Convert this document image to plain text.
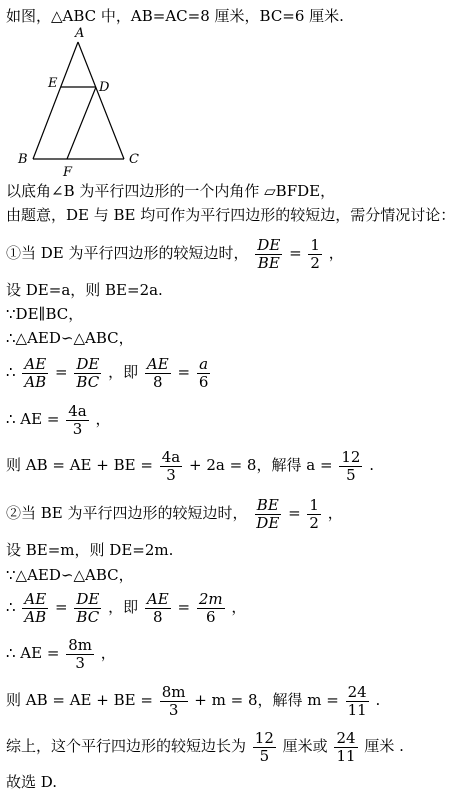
如图，△ABC 中，AB=AC=8 厘米，BC=6 厘米.
A
E	D
B
F
C
以底角∠B 为平行四边形的一个内角作 ▱BFDE，
由题意，DE 与 BE 均可作为平行四边形的较短边，需分情况讨论：
①当 DE 为平行四边形的较短边时， $\frac{DE}{BE} = \frac{1}{2}$ ，
设 DE=a，则 BE=2a.
∵DE∥BC，
∴△AED∽△ABC，
∴ $\frac{AE}{AB} = \frac{DE}{BC}$ ，即 $\frac{AE}{8} = \frac{a}{6}$
∴ AE = $\frac{4a}{3}$ ，
则 AB = AE + BE = $\frac{4a}{3} + 2a = 8$，解得 $a = \frac{12}{5}$ .
②当 BE 为平行四边形的较短边时， $\frac{BE}{DE} = \frac{1}{2}$ ，
设 BE=m，则 DE=2m.
∵△AED∽△ABC，
∴ $\frac{AE}{AB} = \frac{DE}{BC}$ ，即 $\frac{AE}{8} = \frac{2m}{6}$ ，
∴ AE = $\frac{8m}{3}$ ，
则 AB = AE + BE = $\frac{8m}{3} + m = 8$，解得 $m = \frac{24}{11}$ .
综上，这个平行四边形的较短边长为 $\frac{12}{5}$ 厘米或 $\frac{24}{11}$ 厘米 .
故选 D.
